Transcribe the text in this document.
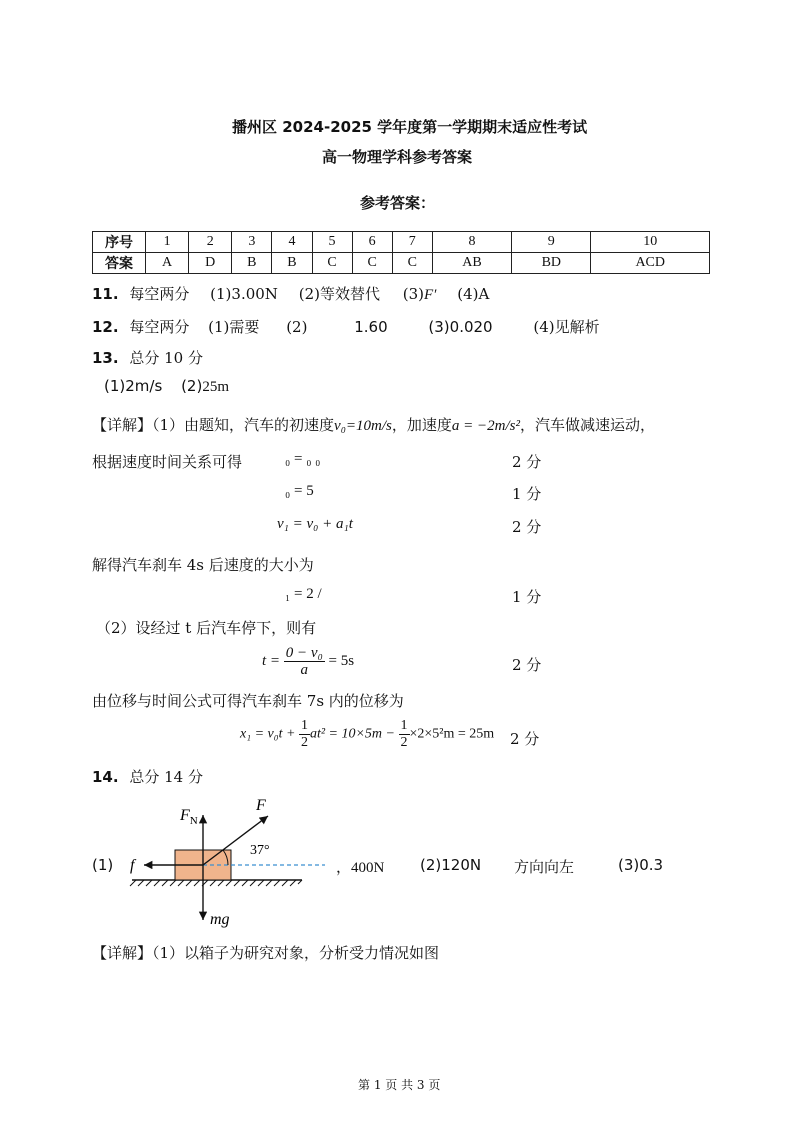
播州区 2024-2025 学年度第一学期期末适应性考试
高一物理学科参考答案
参考答案：
序号	1	2	3	4	5	6	7	8	9	10
答案	A	D	B	B	C	C	C	AB	BD	ACD
11. 每空两分 (1)3.00N (2)等效替代 (3)F′ (4)A
12. 每空两分 (1)需要 (2)	1.60	(3)0.020	(4)见解析
13. 总分 10 分
(1)2m/s (2)25m
【详解】（1）由题知，汽车的初速度v₀=10m/s，加速度a = −2m/s²，汽车做减速运动，
根据速度时间关系可得	₀ = ₀ ₀	2 分
₀ = 5	1 分
v₁ = v₀ + a₁t	2 分
解得汽车刹车 4s 后速度的大小为
₁ = 2 /	1 分
（2）设经过 t 后汽车停下，则有
$t = \frac{\text{0 − v₀}}{a} = 5s$	2 分
由位移与时间公式可得汽车刹车 7s 内的位移为
$x_1 = v_0t + \frac{1}{2} at^2 = 10\times 5m - \frac{1}{2} \times 2\times 5^2m = 25m$ 2 分
14. 总分 14 分
(1)
$F_N$
F
37°
f
mg
，400N (2)120N 方向向左	(3)0.3
【详解】（1）以箱子为研究对象，分析受力情况如图
第 1 页 共 3 页
